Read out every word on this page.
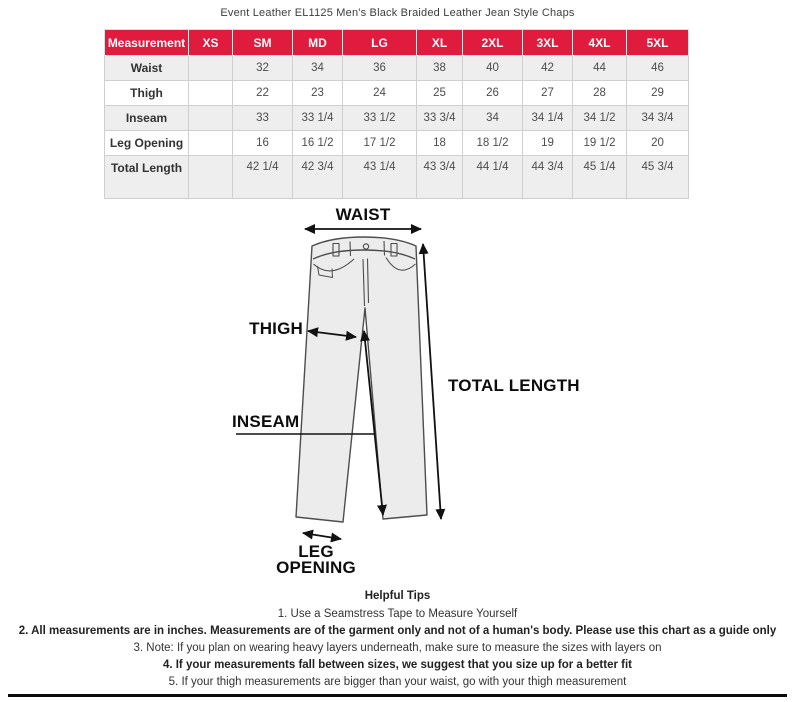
Event Leather EL1125 Men's Black Braided Leather Jean Style Chaps
Measurement	XS	SM	MD	LG	XL	2XL	3XL	4XL	5XL
Waist		32	34	36	38	40	42	44	46
Thigh		22	23	24	25	26	27	28	29
Inseam		33	33 1/4	33 1/2	33 3/4	34	34 1/4	34 1/2	34 3/4
Leg Opening		16	16 1/2	17 1/2	18	18 1/2	19	19 1/2	20
Total Length		42 1/4	42 3/4	43 1/4	43 3/4	44 1/4	44 3/4	45 1/4	45 3/4
WAIST
THIGH
TOTAL LENGTH
INSEAM
LEG
OPENING
Helpful Tips
1. Use a Seamstress Tape to Measure Yourself
2. All measurements are in inches. Measurements are of the garment only and not of a human's body. Please use this chart as a guide only
3. Note: If you plan on wearing heavy layers underneath, make sure to measure the sizes with layers on
4. If your measurements fall between sizes, we suggest that you size up for a better fit
5. If your thigh measurements are bigger than your waist, go with your thigh measurement
